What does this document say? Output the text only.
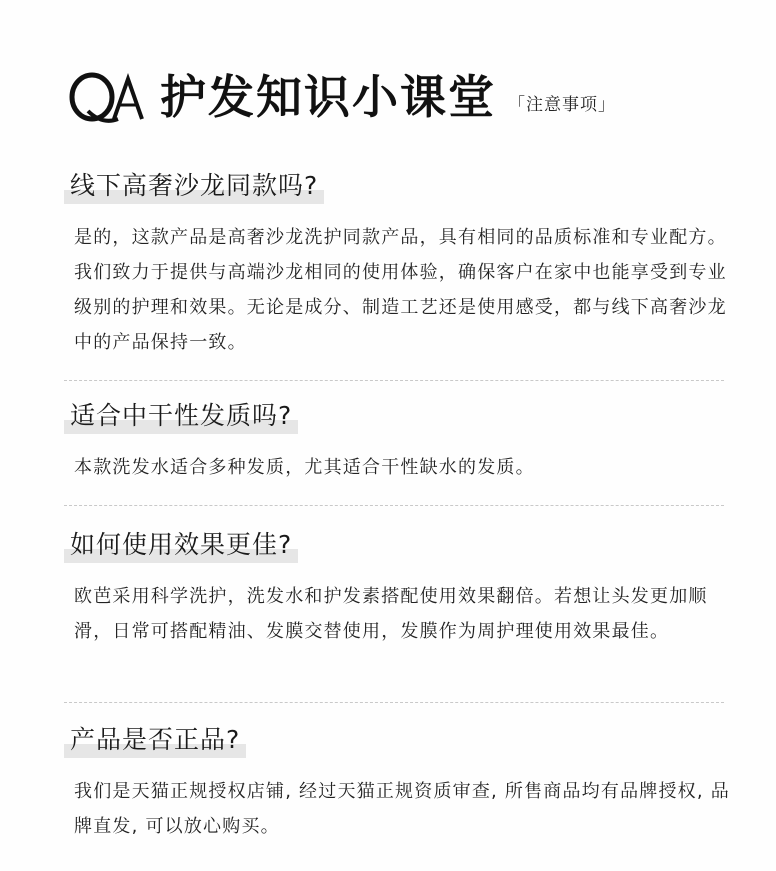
护发知识小课堂 「注意事项」
线下高奢沙龙同款吗?
是的，这款产品是高奢沙龙洗护同款产品，具有相同的品质标准和专业配方。我们致力于提供与高端沙龙相同的使用体验，确保客户在家中也能享受到专业级别的护理和效果。无论是成分、制造工艺还是使用感受，都与线下高奢沙龙中的产品保持一致。
适合中干性发质吗?
本款洗发水适合多种发质，尤其适合干性缺水的发质。
如何使用效果更佳?
欧芭采用科学洗护，洗发水和护发素搭配使用效果翻倍。若想让头发更加顺滑，日常可搭配精油、发膜交替使用，发膜作为周护理使用效果最佳。
产品是否正品?
我们是天猫正规授权店铺, 经过天猫正规资质审查, 所售商品均有品牌授权, 品牌直发, 可以放心购买。
